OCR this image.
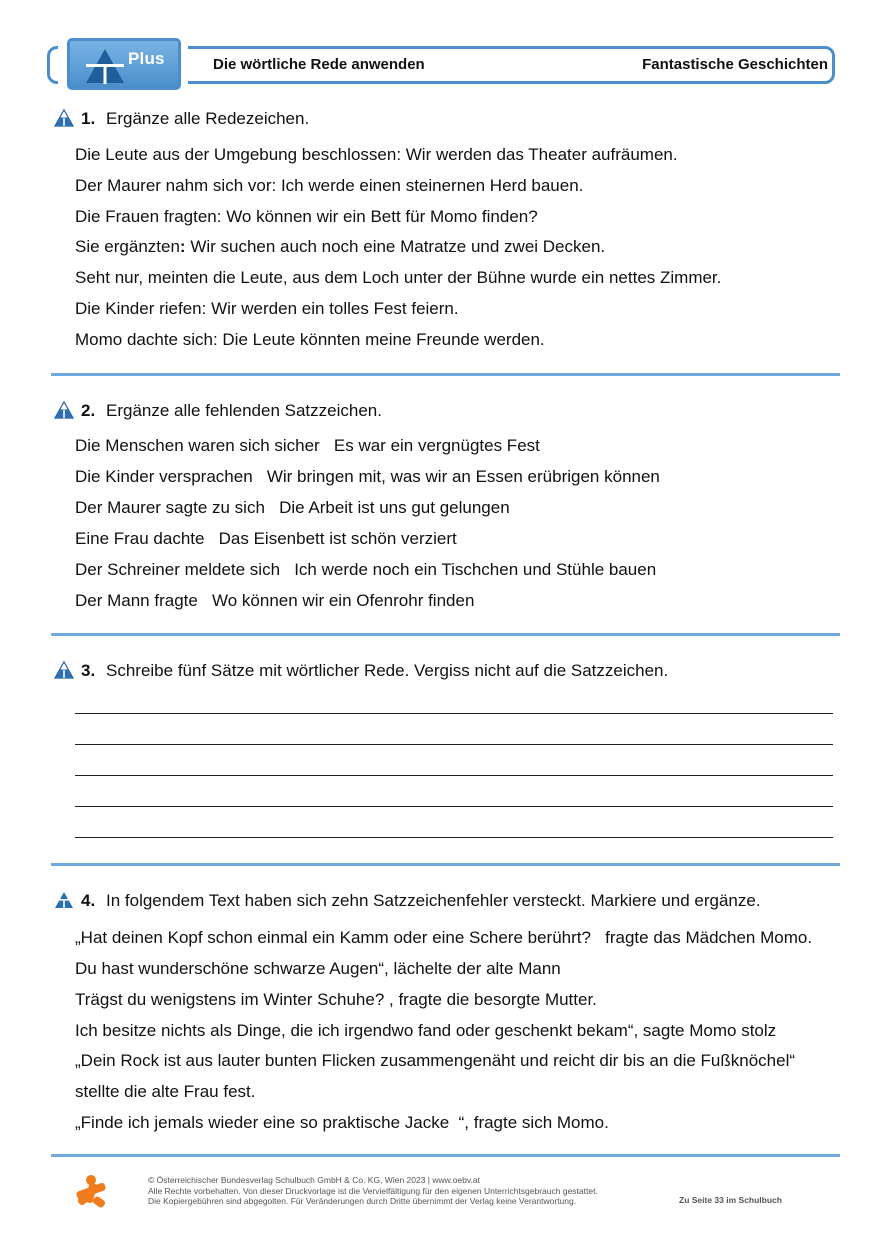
Plus	Die wörtliche Rede anwenden	Fantastische Geschichten
1. Ergänze alle Redezeichen.
Die Leute aus der Umgebung beschlossen: Wir werden das Theater aufräumen.
Der Maurer nahm sich vor: Ich werde einen steinernen Herd bauen.
Die Frauen fragten: Wo können wir ein Bett für Momo finden?
Sie ergänzten: Wir suchen auch noch eine Matratze und zwei Decken.
Seht nur, meinten die Leute, aus dem Loch unter der Bühne wurde ein nettes Zimmer.
Die Kinder riefen: Wir werden ein tolles Fest feiern.
Momo dachte sich: Die Leute könnten meine Freunde werden.
2. Ergänze alle fehlenden Satzzeichen.
Die Menschen waren sich sicher   Es war ein vergnügtes Fest
Die Kinder versprachen   Wir bringen mit, was wir an Essen erübrigen können
Der Maurer sagte zu sich   Die Arbeit ist uns gut gelungen
Eine Frau dachte   Das Eisenbett ist schön verziert
Der Schreiner meldete sich   Ich werde noch ein Tischchen und Stühle bauen
Der Mann fragte   Wo können wir ein Ofenrohr finden
3. Schreibe fünf Sätze mit wörtlicher Rede. Vergiss nicht auf die Satzzeichen.
4. In folgendem Text haben sich zehn Satzzeichenfehler versteckt. Markiere und ergänze.
„Hat deinen Kopf schon einmal ein Kamm oder eine Schere berührt?   fragte das Mädchen Momo.
Du hast wunderschöne schwarze Augen“, lächelte der alte Mann
Trägst du wenigstens im Winter Schuhe? , fragte die besorgte Mutter.
Ich besitze nichts als Dinge, die ich irgendwo fand oder geschenkt bekam“, sagte Momo stolz
„Dein Rock ist aus lauter bunten Flicken zusammengenäht und reicht dir bis an die Fußknöchel“
stellte die alte Frau fest.
„Finde ich jemals wieder eine so praktische Jacke  “, fragte sich Momo.
© Österreichischer Bundesverlag Schulbuch GmbH & Co. KG, Wien 2023 | www.oebv.at
Alle Rechte vorbehalten. Von dieser Druckvorlage ist die Vervielfältigung für den eigenen Unterrichtsgebrauch gestattet.
Die Kopiergebühren sind abgegolten. Für Veränderungen durch Dritte übernimmt der Verlag keine Verantwortung.	Zu Seite 33 im Schulbuch
